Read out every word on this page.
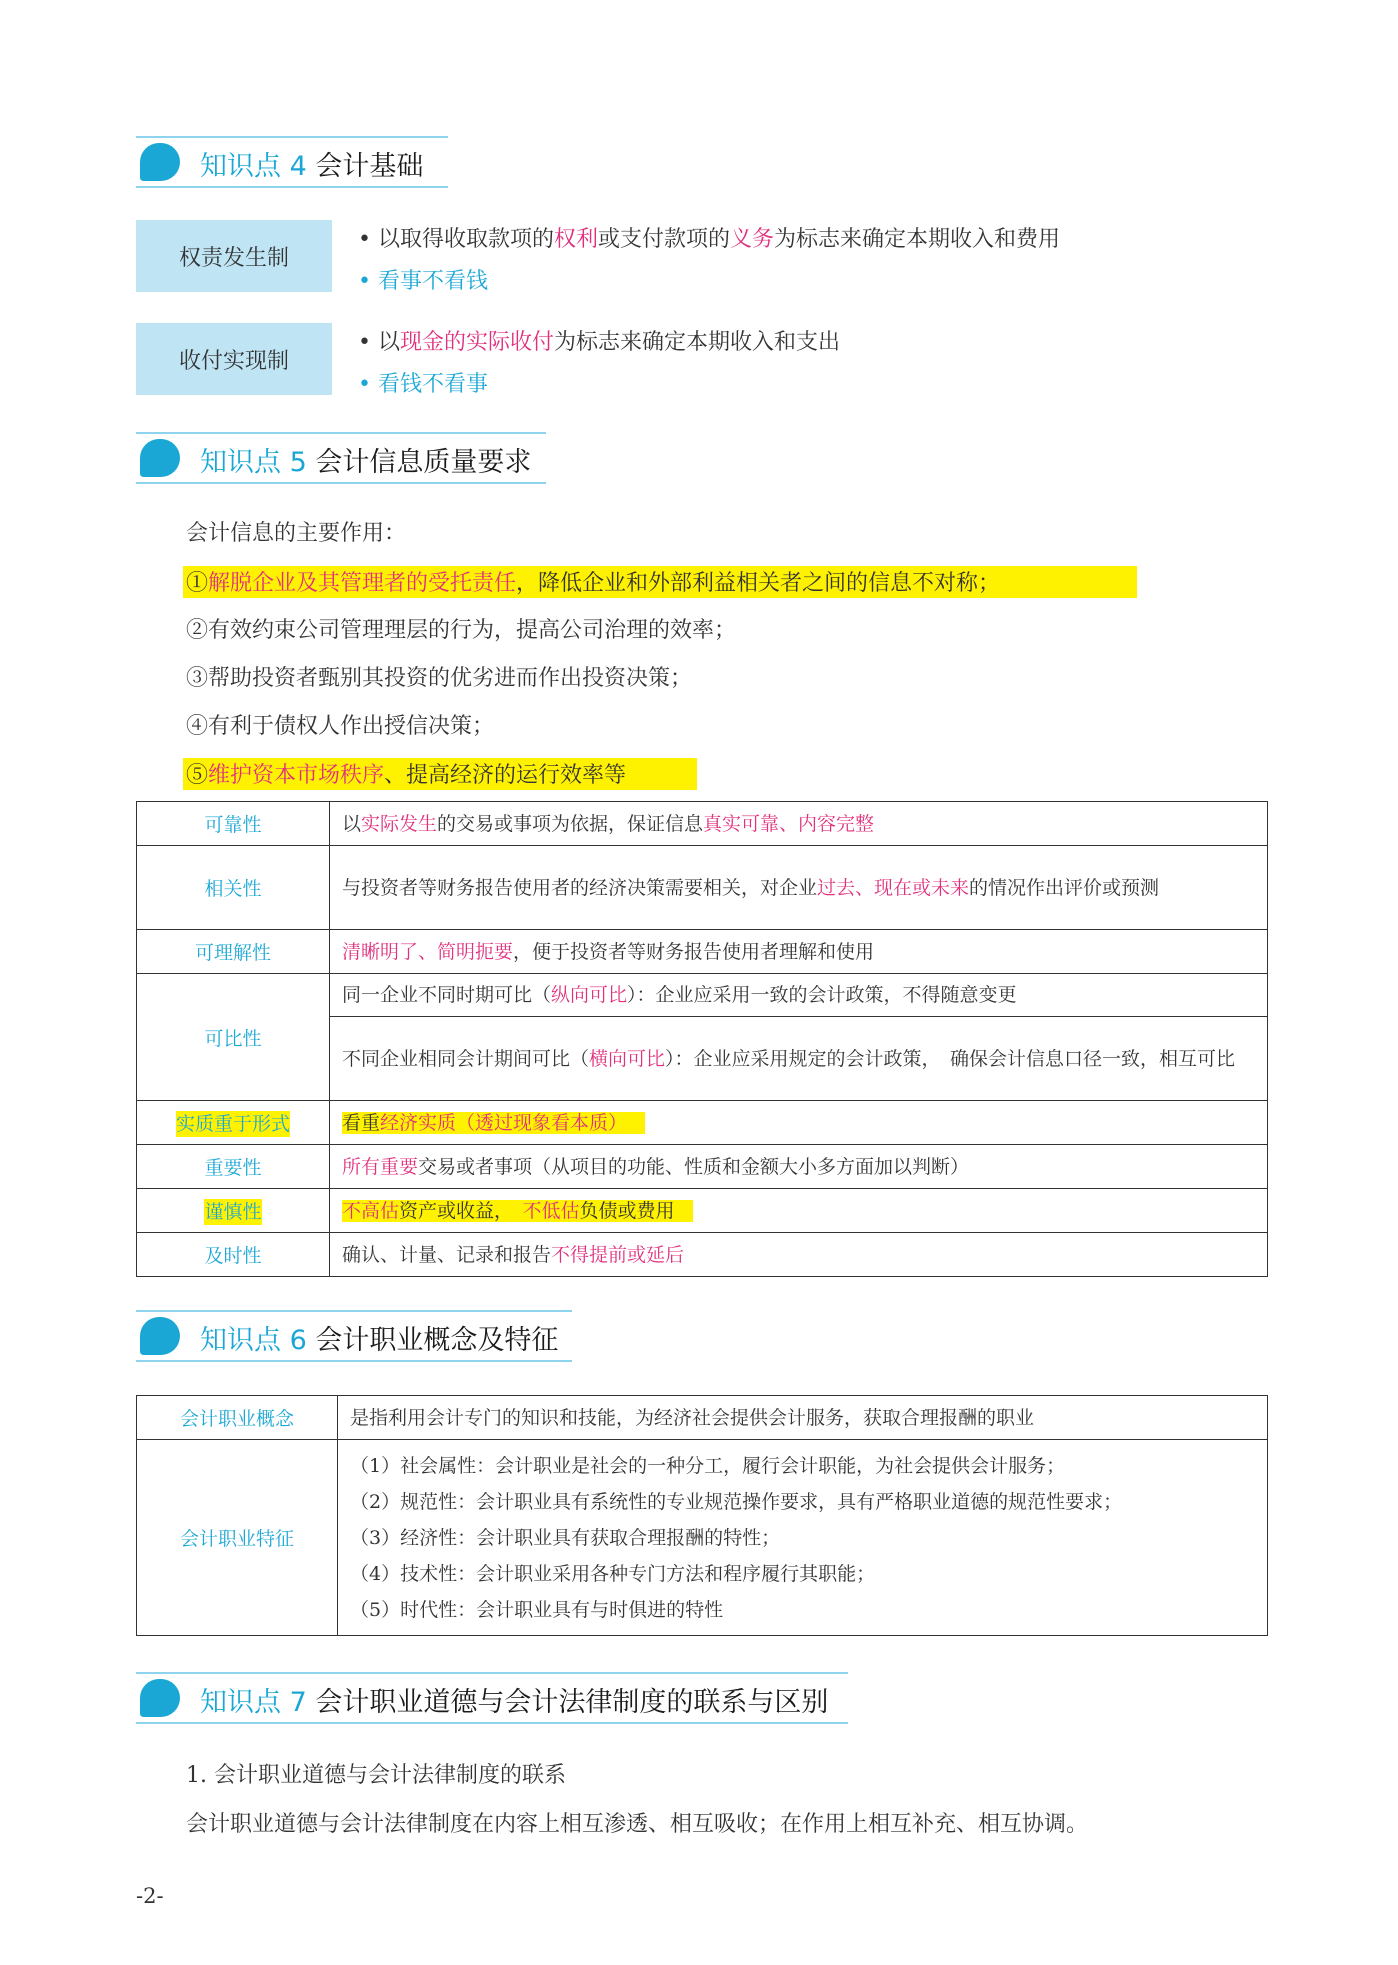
知识点 4 会计基础
权责发生制
• 以取得收取款项的权利或支付款项的义务为标志来确定本期收入和费用
• 看事不看钱
收付实现制
• 以现金的实际收付为标志来确定本期收入和支出
• 看钱不看事
知识点 5 会计信息质量要求
会计信息的主要作用：
①解脱企业及其管理者的受托责任，降低企业和外部利益相关者之间的信息不对称；
②有效约束公司管理理层的行为，提高公司治理的效率；
③帮助投资者甄别其投资的优劣进而作出投资决策；
④有利于债权人作出授信决策；
⑤维护资本市场秩序、提高经济的运行效率等
可靠性	以实际发生的交易或事项为依据，保证信息真实可靠、内容完整
相关性	与投资者等财务报告使用者的经济决策需要相关，对企业过去、现在或未来的情况作出评价或预测
可理解性	清晰明了、简明扼要，便于投资者等财务报告使用者理解和使用
可比性	同一企业不同时期可比（纵向可比）：企业应采用一致的会计政策，不得随意变更
	不同企业相同会计期间可比（横向可比）：企业应采用规定的会计政策，　确保会计信息口径一致，相互可比
实质重于形式	看重经济实质（透过现象看本质）
重要性	所有重要交易或者事项（从项目的功能、性质和金额大小多方面加以判断）
谨慎性	不高估资产或收益，　不低估负债或费用
及时性	确认、计量、记录和报告不得提前或延后
知识点 6 会计职业概念及特征
会计职业概念	是指利用会计专门的知识和技能，为经济社会提供会计服务，获取合理报酬的职业
会计职业特征	（1）社会属性：会计职业是社会的一种分工，履行会计职能，为社会提供会计服务；
（2）规范性：会计职业具有系统性的专业规范操作要求，具有严格职业道德的规范性要求；
（3）经济性：会计职业具有获取合理报酬的特性；
（4）技术性：会计职业采用各种专门方法和程序履行其职能；
（5）时代性：会计职业具有与时俱进的特性
知识点 7 会计职业道德与会计法律制度的联系与区别
1. 会计职业道德与会计法律制度的联系
会计职业道德与会计法律制度在内容上相互渗透、相互吸收；在作用上相互补充、相互协调。
-2-
